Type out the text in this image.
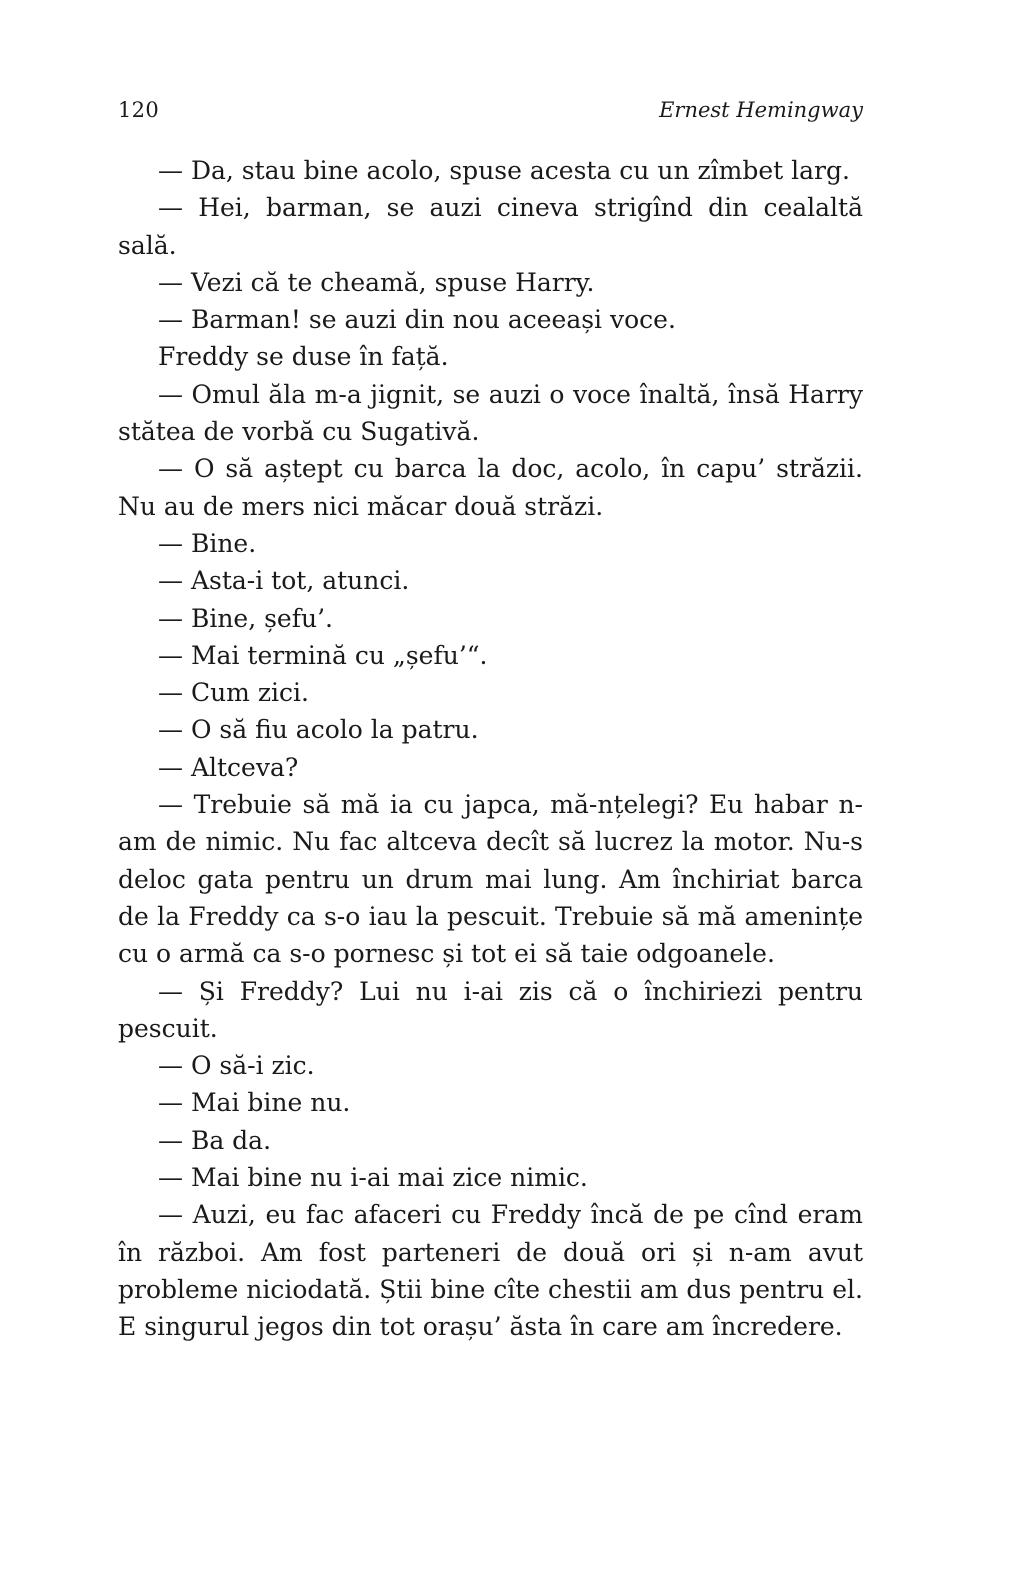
120	Ernest Hemingway

— Da, stau bine acolo, spuse acesta cu un zîmbet larg.

— Hei, barman, se auzi cineva strigînd din cealaltă sală.

— Vezi că te cheamă, spuse Harry.

— Barman! se auzi din nou aceeași voce.

Freddy se duse în față.

— Omul ăla m-a jignit, se auzi o voce înaltă, însă Harry stătea de vorbă cu Sugativă.

— O să aștept cu barca la doc, acolo, în capu’ străzii. Nu au de mers nici măcar două străzi.

— Bine.

— Asta-i tot, atunci.

— Bine, șefu’.

— Mai termină cu „șefu’“.

— Cum zici.

— O să fiu acolo la patru.

— Altceva?

— Trebuie să mă ia cu japca, mă-nțelegi? Eu habar n-am de nimic. Nu fac altceva decît să lucrez la motor. Nu-s deloc gata pentru un drum mai lung. Am închiriat barca de la Freddy ca s-o iau la pescuit. Trebuie să mă amenințe cu o armă ca s-o pornesc și tot ei să taie odgoanele.

— Și Freddy? Lui nu i-ai zis că o închiriezi pentru pescuit.

— O să-i zic.

— Mai bine nu.

— Ba da.

— Mai bine nu i-ai mai zice nimic.

— Auzi, eu fac afaceri cu Freddy încă de pe cînd eram în război. Am fost parteneri de două ori și n-am avut probleme niciodată. Știi bine cîte chestii am dus pentru el. E singurul jegos din tot orașu’ ăsta în care am încredere.
